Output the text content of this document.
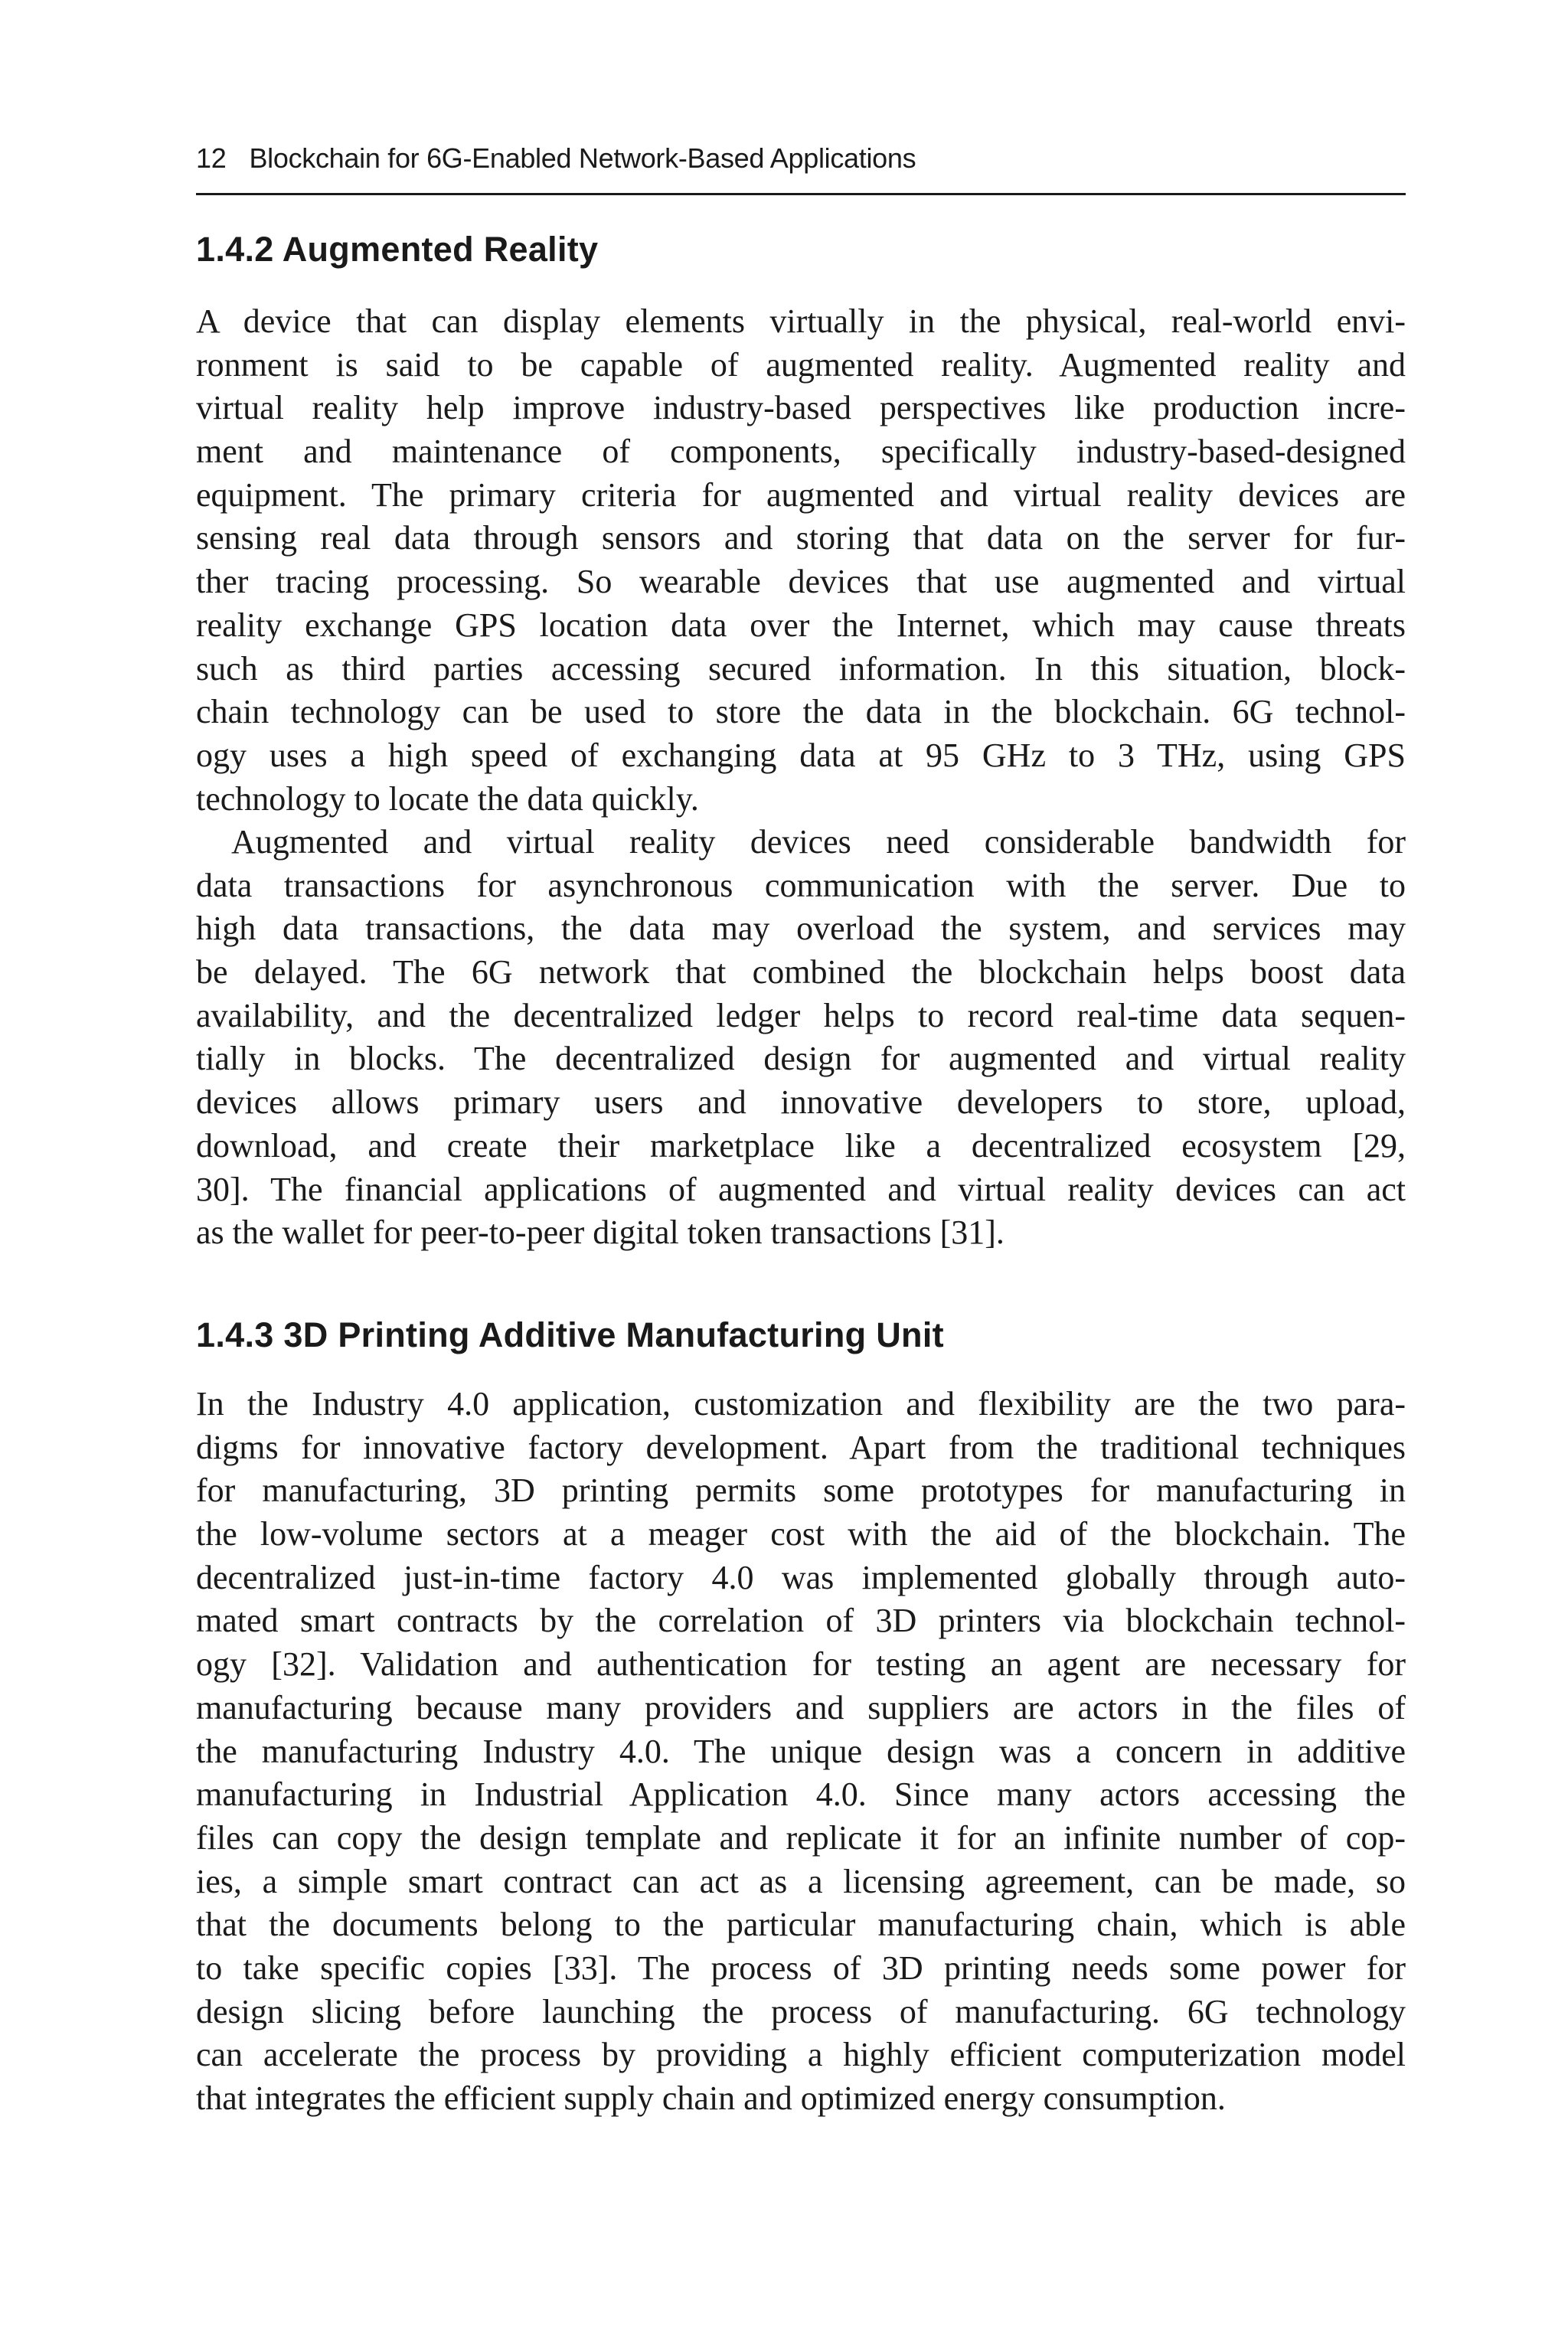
12 Blockchain for 6G-Enabled Network-Based Applications
1.4.2 Augmented Reality
A device that can display elements virtually in the physical, real-world envi-
ronment is said to be capable of augmented reality. Augmented reality and
virtual reality help improve industry-based perspectives like production incre-
ment and maintenance of components, specifically industry-based-designed
equipment. The primary criteria for augmented and virtual reality devices are
sensing real data through sensors and storing that data on the server for fur-
ther tracing processing. So wearable devices that use augmented and virtual
reality exchange GPS location data over the Internet, which may cause threats
such as third parties accessing secured information. In this situation, block-
chain technology can be used to store the data in the blockchain. 6G technol-
ogy uses a high speed of exchanging data at 95 GHz to 3 THz, using GPS
technology to locate the data quickly.
Augmented and virtual reality devices need considerable bandwidth for
data transactions for asynchronous communication with the server. Due to
high data transactions, the data may overload the system, and services may
be delayed. The 6G network that combined the blockchain helps boost data
availability, and the decentralized ledger helps to record real-time data sequen-
tially in blocks. The decentralized design for augmented and virtual reality
devices allows primary users and innovative developers to store, upload,
download, and create their marketplace like a decentralized ecosystem [29,
30]. The financial applications of augmented and virtual reality devices can act
as the wallet for peer-to-peer digital token transactions [31].
1.4.3 3D Printing Additive Manufacturing Unit
In the Industry 4.0 application, customization and flexibility are the two para-
digms for innovative factory development. Apart from the traditional techniques
for manufacturing, 3D printing permits some prototypes for manufacturing in
the low-volume sectors at a meager cost with the aid of the blockchain. The
decentralized just-in-time factory 4.0 was implemented globally through auto-
mated smart contracts by the correlation of 3D printers via blockchain technol-
ogy [32]. Validation and authentication for testing an agent are necessary for
manufacturing because many providers and suppliers are actors in the files of
the manufacturing Industry 4.0. The unique design was a concern in additive
manufacturing in Industrial Application 4.0. Since many actors accessing the
files can copy the design template and replicate it for an infinite number of cop-
ies, a simple smart contract can act as a licensing agreement, can be made, so
that the documents belong to the particular manufacturing chain, which is able
to take specific copies [33]. The process of 3D printing needs some power for
design slicing before launching the process of manufacturing. 6G technology
can accelerate the process by providing a highly efficient computerization model
that integrates the efficient supply chain and optimized energy consumption.
